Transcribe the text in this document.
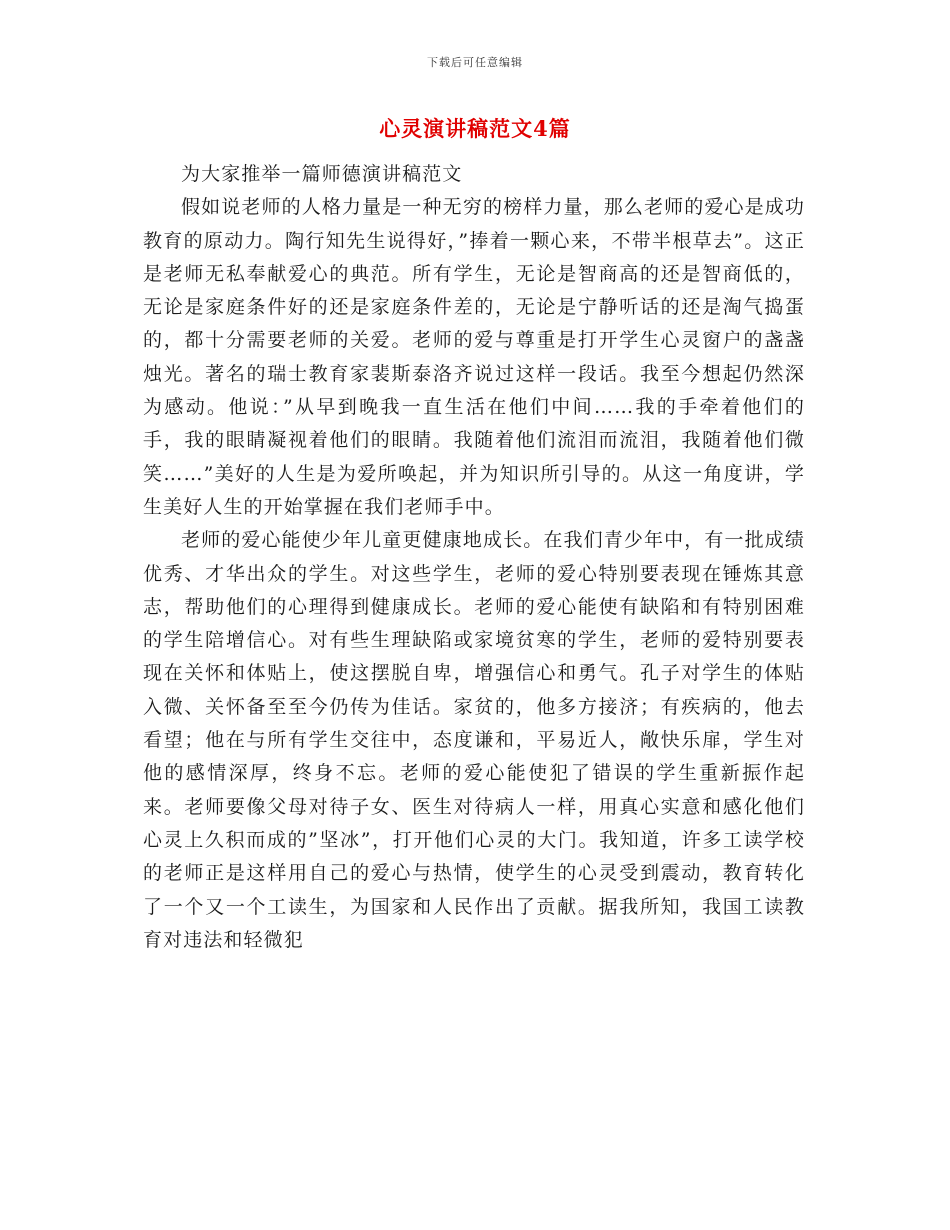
下载后可任意编辑
心灵演讲稿范文4篇

为大家推举一篇师德演讲稿范文

假如说老师的人格力量是一种无穷的榜样力量，那么老师的爱心是成功教育的原动力。陶行知先生说得好，”捧着一颗心来，不带半根草去”。这正是老师无私奉献爱心的典范。所有学生，无论是智商高的还是智商低的，无论是家庭条件好的还是家庭条件差的，无论是宁静听话的还是淘气捣蛋的，都十分需要老师的关爱。老师的爱与尊重是打开学生心灵窗户的盏盏烛光。著名的瑞士教育家裴斯泰洛齐说过这样一段话。我至今想起仍然深为感动。他说：”从早到晚我一直生活在他们中间……我的手牵着他们的手，我的眼睛凝视着他们的眼睛。我随着他们流泪而流泪，我随着他们微笑……”美好的人生是为爱所唤起，并为知识所引导的。从这一角度讲，学生美好人生的开始掌握在我们老师手中。

老师的爱心能使少年儿童更健康地成长。在我们青少年中，有一批成绩优秀、才华出众的学生。对这些学生，老师的爱心特别要表现在锤炼其意志，帮助他们的心理得到健康成长。老师的爱心能使有缺陷和有特别困难的学生陪增信心。对有些生理缺陷或家境贫寒的学生，老师的爱特别要表现在关怀和体贴上，使这摆脱自卑，增强信心和勇气。孔子对学生的体贴入微、关怀备至至今仍传为佳话。家贫的，他多方接济；有疾病的，他去看望；他在与所有学生交往中，态度谦和，平易近人，敞快乐扉，学生对他的感情深厚，终身不忘。老师的爱心能使犯了错误的学生重新振作起来。老师要像父母对待子女、医生对待病人一样，用真心实意和感化他们心灵上久积而成的”坚冰”，打开他们心灵的大门。我知道，许多工读学校的老师正是这样用自己的爱心与热情，使学生的心灵受到震动，教育转化了一个又一个工读生，为国家和人民作出了贡献。据我所知，我国工读教育对违法和轻微犯
